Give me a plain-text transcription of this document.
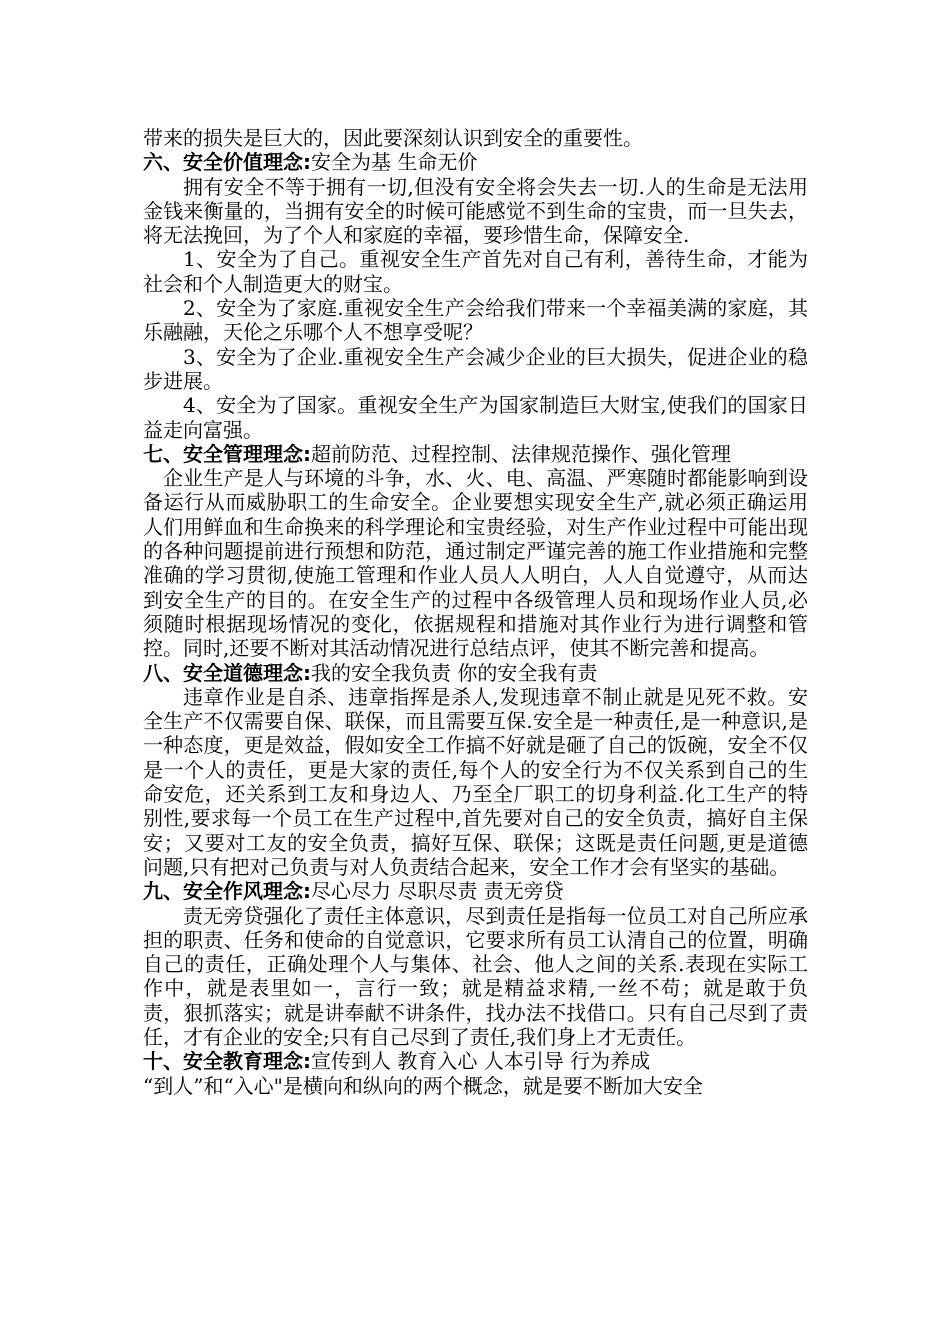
带来的损失是巨大的，因此要深刻认识到安全的重要性。
六、安全价值理念:安全为基 生命无价

拥有安全不等于拥有一切,但没有安全将会失去一切.人的生命是无法用金钱来衡量的，当拥有安全的时候可能感觉不到生命的宝贵，而一旦失去，将无法挽回，为了个人和家庭的幸福，要珍惜生命，保障安全.

1、安全为了自己。重视安全生产首先对自己有利，善待生命，才能为社会和个人制造更大的财宝。

2、安全为了家庭.重视安全生产会给我们带来一个幸福美满的家庭，其乐融融，天伦之乐哪个人不想享受呢？

3、安全为了企业.重视安全生产会减少企业的巨大损失，促进企业的稳步进展。

4、安全为了国家。重视安全生产为国家制造巨大财宝,使我们的国家日益走向富强。

七、安全管理理念:超前防范、过程控制、法律规范操作、强化管理

企业生产是人与环境的斗争，水、火、电、高温、严寒随时都能影响到设备运行从而威胁职工的生命安全。企业要想实现安全生产,就必须正确运用人们用鲜血和生命换来的科学理论和宝贵经验，对生产作业过程中可能出现的各种问题提前进行预想和防范，通过制定严谨完善的施工作业措施和完整准确的学习贯彻,使施工管理和作业人员人人明白，人人自觉遵守，从而达到安全生产的目的。在安全生产的过程中各级管理人员和现场作业人员,必须随时根据现场情况的变化，依据规程和措施对其作业行为进行调整和管控。同时,还要不断对其活动情况进行总结点评，使其不断完善和提高。

八、安全道德理念:我的安全我负责 你的安全我有责

违章作业是自杀、违章指挥是杀人,发现违章不制止就是见死不救。安全生产不仅需要自保、联保，而且需要互保.安全是一种责任,是一种意识,是一种态度，更是效益，假如安全工作搞不好就是砸了自己的饭碗，安全不仅是一个人的责任，更是大家的责任,每个人的安全行为不仅关系到自己的生命安危，还关系到工友和身边人、乃至全厂职工的切身利益.化工生产的特别性,要求每一个员工在生产过程中,首先要对自己的安全负责，搞好自主保安；又要对工友的安全负责，搞好互保、联保；这既是责任问题,更是道德问题,只有把对己负责与对人负责结合起来，安全工作才会有坚实的基础。

九、安全作风理念:尽心尽力 尽职尽责 责无旁贷

责无旁贷强化了责任主体意识，尽到责任是指每一位员工对自己所应承担的职责、任务和使命的自觉意识，它要求所有员工认清自己的位置，明确自己的责任，正确处理个人与集体、社会、他人之间的关系.表现在实际工作中，就是表里如一，言行一致；就是精益求精,一丝不苟；就是敢于负责，狠抓落实；就是讲奉献不讲条件，找办法不找借口。只有自己尽到了责任，才有企业的安全;只有自己尽到了责任,我们身上才无责任。

十、安全教育理念:宣传到人 教育入心 人本引导 行为养成

“到人”和“入心"是横向和纵向的两个概念，就是要不断加大安全
